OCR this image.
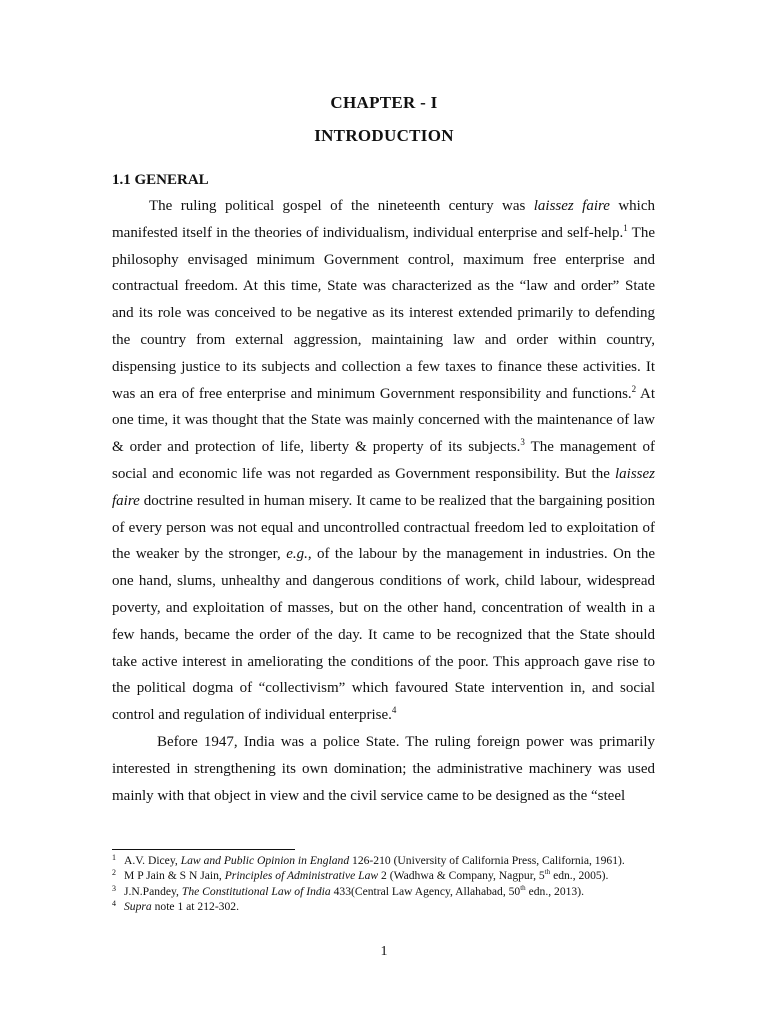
CHAPTER - I
INTRODUCTION
1.1 GENERAL

The ruling political gospel of the nineteenth century was laissez faire which manifested itself in the theories of individualism, individual enterprise and self-help.$^1$ The philosophy envisaged minimum Government control, maximum free enterprise and contractual freedom. At this time, State was characterized as the “law and order” State and its role was conceived to be negative as its interest extended primarily to defending the country from external aggression, maintaining law and order within country, dispensing justice to its subjects and collection a few taxes to finance these activities. It was an era of free enterprise and minimum Government responsibility and functions.$^2$ At one time, it was thought that the State was mainly concerned with the maintenance of law & order and protection of life, liberty & property of its subjects.$^3$ The management of social and economic life was not regarded as Government responsibility. But the laissez faire doctrine resulted in human misery. It came to be realized that the bargaining position of every person was not equal and uncontrolled contractual freedom led to exploitation of the weaker by the stronger, e.g., of the labour by the management in industries. On the one hand, slums, unhealthy and dangerous conditions of work, child labour, widespread poverty, and exploitation of masses, but on the other hand, concentration of wealth in a few hands, became the order of the day. It came to be recognized that the State should take active interest in ameliorating the conditions of the poor. This approach gave rise to the political dogma of “collectivism” which favoured State intervention in, and social control and regulation of individual enterprise.$^4$

Before 1947, India was a police State. The ruling foreign power was primarily interested in strengthening its own domination; the administrative machinery was used mainly with that object in view and the civil service came to be designed as the “steel

1 A.V. Dicey, Law and Public Opinion in England 126-210 (University of California Press, California, 1961).
2 M P Jain & S N Jain, Principles of Administrative Law 2 (Wadhwa & Company, Nagpur, 5th edn., 2005).
3 J.N.Pandey, The Constitutional Law of India 433(Central Law Agency, Allahabad, 50th edn., 2013).
4 Supra note 1 at 212-302.
1
